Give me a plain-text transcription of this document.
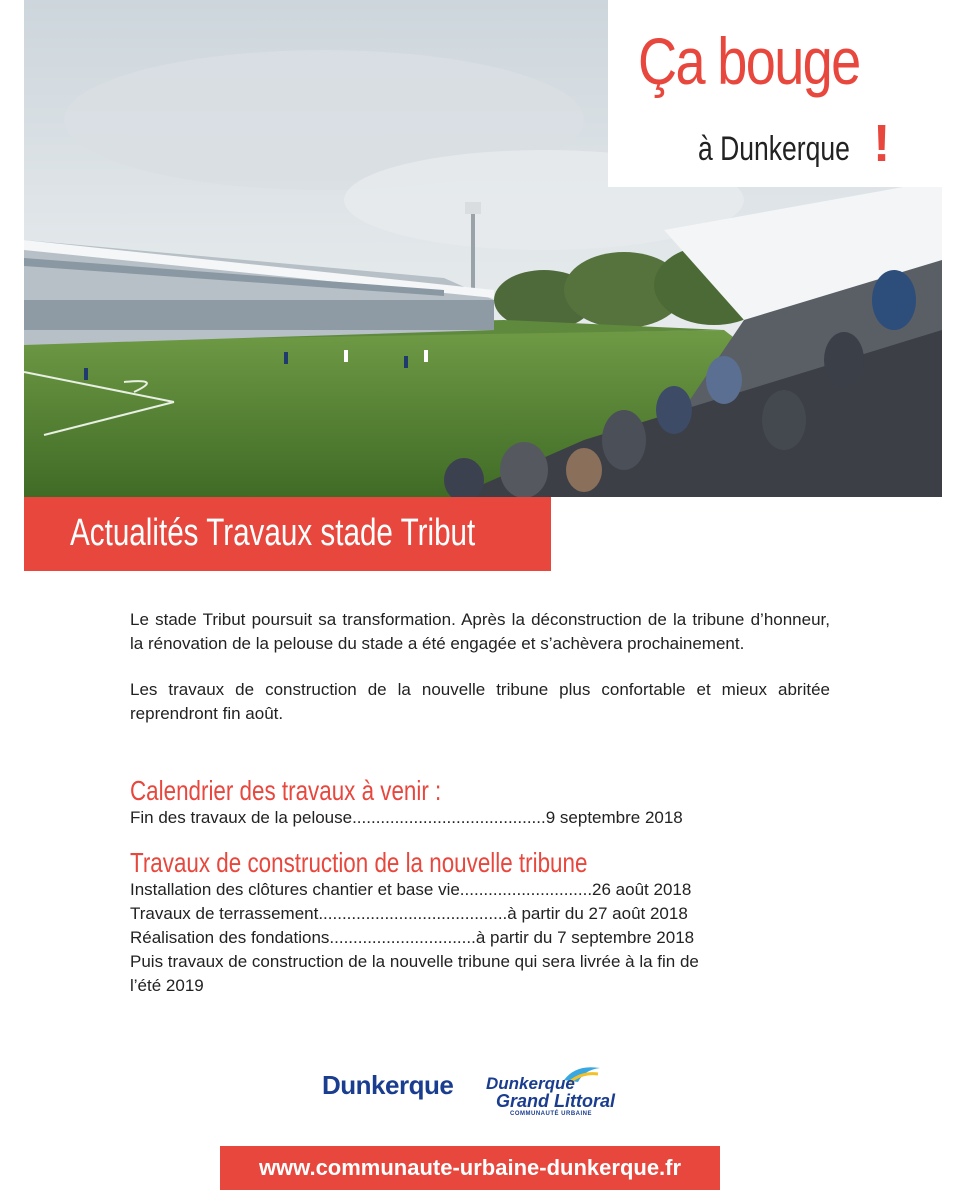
Ça bouge
à Dunkerque !
Actualités Travaux stade Tribut

Le stade Tribut poursuit sa transformation. Après la déconstruction de la tribune d’honneur, la rénovation de la pelouse du stade a été engagée et s’achèvera prochainement.

Les travaux de construction de la nouvelle tribune plus confortable et mieux abritée reprendront fin août.

Calendrier des travaux à venir :

Fin des travaux de la pelouse.........................................9 septembre 2018

Travaux de construction de la nouvelle tribune

Installation des clôtures chantier et base vie............................26 août 2018

Travaux de terrassement........................................à partir du 27 août 2018

Réalisation des fondations...............................à partir du 7 septembre 2018

Puis travaux de construction de la nouvelle tribune qui sera livrée à la fin de

l’été 2019

Dunkerque Dunkerque
Grand Littoral
COMMUNAUTÉ URBAINE
www.communaute-urbaine-dunkerque.fr
